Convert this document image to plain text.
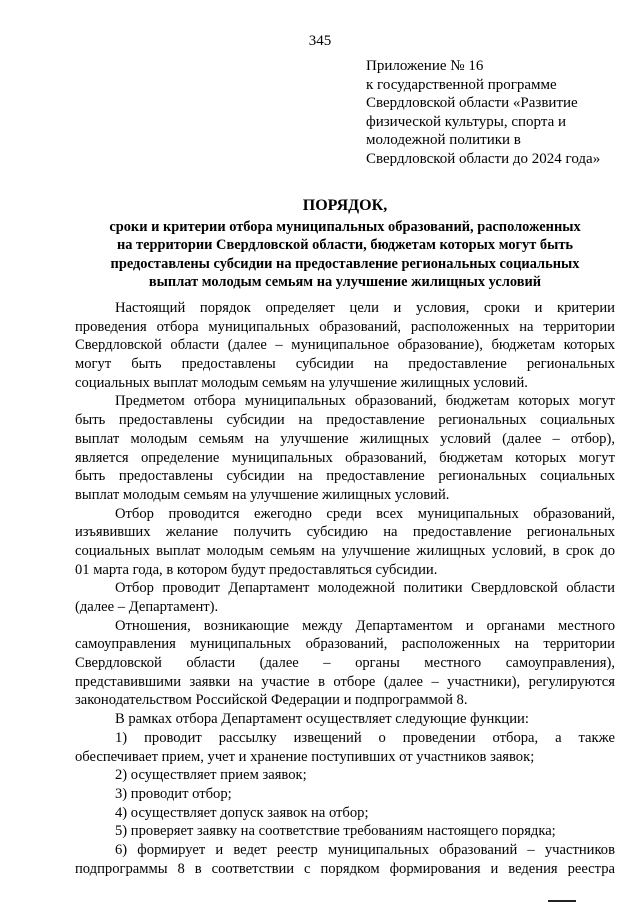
345
Приложение № 16
к государственной программе
Свердловской области «Развитие
физической культуры, спорта и
молодежной политики в
Свердловской области до 2024 года»
ПОРЯДОК,
сроки и критерии отбора муниципальных образований, расположенных
на территории Свердловской области, бюджетам которых могут быть
предоставлены субсидии на предоставление региональных социальных
выплат молодым семьям на улучшение жилищных условий
Настоящий порядок определяет цели и условия, сроки и критерии
проведения отбора муниципальных образований, расположенных на территории
Свердловской области (далее – муниципальное образование), бюджетам которых
могут быть предоставлены субсидии на предоставление региональных
социальных выплат молодым семьям на улучшение жилищных условий.
Предметом отбора муниципальных образований, бюджетам которых могут
быть предоставлены субсидии на предоставление региональных социальных
выплат молодым семьям на улучшение жилищных условий (далее – отбор),
является определение муниципальных образований, бюджетам которых могут
быть предоставлены субсидии на предоставление региональных социальных
выплат молодым семьям на улучшение жилищных условий.
Отбор проводится ежегодно среди всех муниципальных образований,
изъявивших желание получить субсидию на предоставление региональных
социальных выплат молодым семьям на улучшение жилищных условий, в срок до
01 марта года, в котором будут предоставляться субсидии.
Отбор проводит Департамент молодежной политики Свердловской области
(далее – Департамент).
Отношения, возникающие между Департаментом и органами местного
самоуправления муниципальных образований, расположенных на территории
Свердловской области (далее – органы местного самоуправления),
представившими заявки на участие в отборе (далее – участники), регулируются
законодательством Российской Федерации и подпрограммой 8.
В рамках отбора Департамент осуществляет следующие функции:
1) проводит рассылку извещений о проведении отбора, а также
обеспечивает прием, учет и хранение поступивших от участников заявок;
2) осуществляет прием заявок;
3) проводит отбор;
4) осуществляет допуск заявок на отбор;
5) проверяет заявку на соответствие требованиям настоящего порядка;
6) формирует и ведет реестр муниципальных образований – участников
подпрограммы 8 в соответствии с порядком формирования и ведения реестра
